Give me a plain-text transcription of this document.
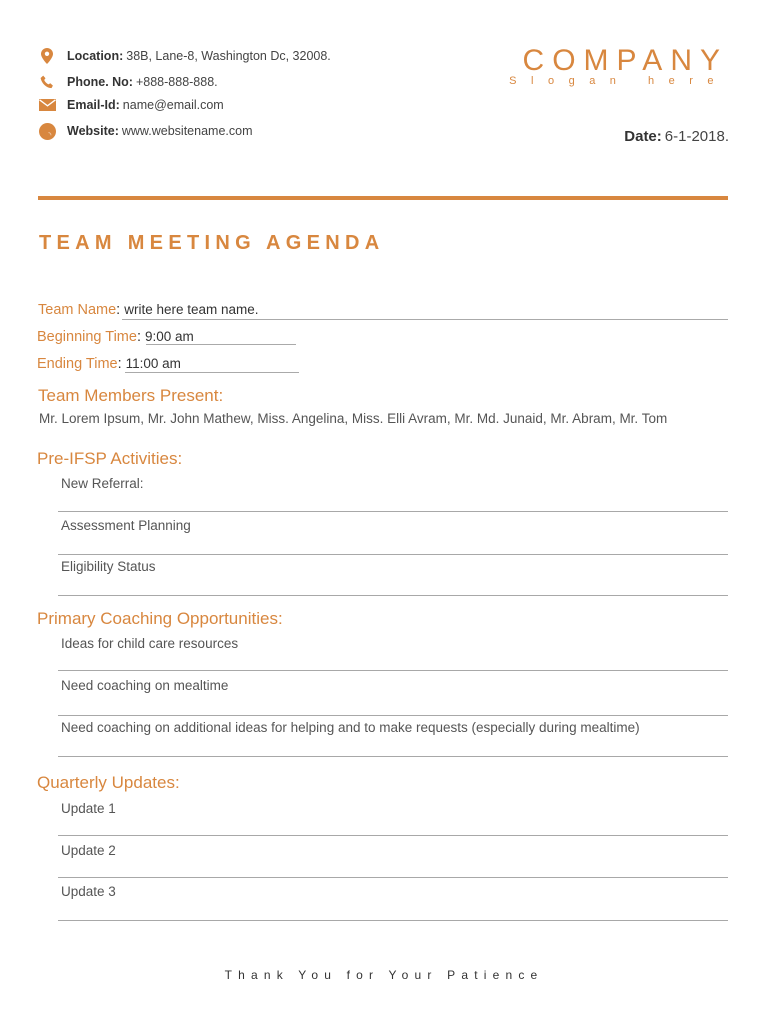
Location: 38B, Lane-8, Washington Dc, 32008.
Phone. No: +888-888-888.
Email-Id: name@email.com
Website: www.websitename.com
COMPANY
Slogan here
Date: 6-1-2018.
TEAM MEETING AGENDA
Team Name: write here team name.
Beginning Time: 9:00 am
Ending Time: 11:00 am
Team Members Present:
Mr. Lorem Ipsum, Mr. John Mathew, Miss. Angelina, Miss. Elli Avram, Mr. Md. Junaid, Mr. Abram, Mr. Tom
Pre-IFSP Activities:
New Referral:
Assessment Planning
Eligibility Status
Primary Coaching Opportunities:
Ideas for child care resources
Need coaching on mealtime
Need coaching on additional ideas for helping and to make requests (especially during mealtime)
Quarterly Updates:
Update 1
Update 2
Update 3
Thank You for Your Patience
